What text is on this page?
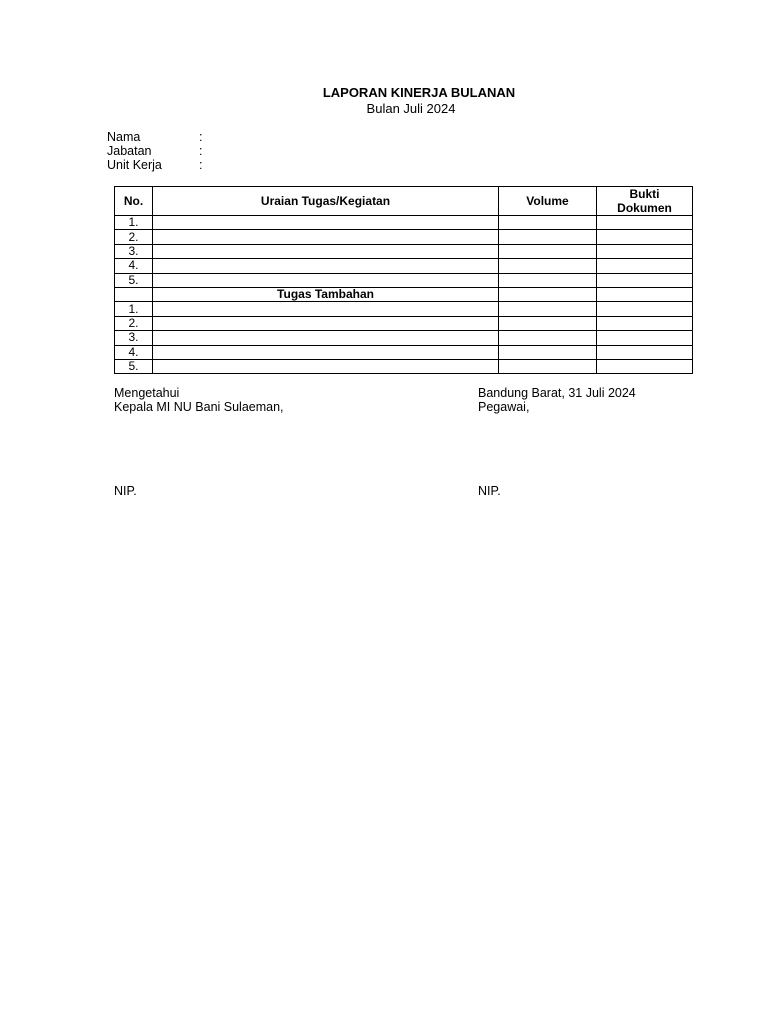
LAPORAN KINERJA BULANAN
Bulan Juli 2024
Nama	:
Jabatan	:
Unit Kerja	:
No.	Uraian Tugas/Kegiatan	Volume	Bukti
Dokumen
1.			
2.			
3.			
4.			
5.			
	Tugas Tambahan		
1.			
2.			
3.			
4.			
5.			
Mengetahui
Kepala MI NU Bani Sulaeman,
Bandung Barat, 31 Juli 2024
Pegawai,
NIP.	NIP.
